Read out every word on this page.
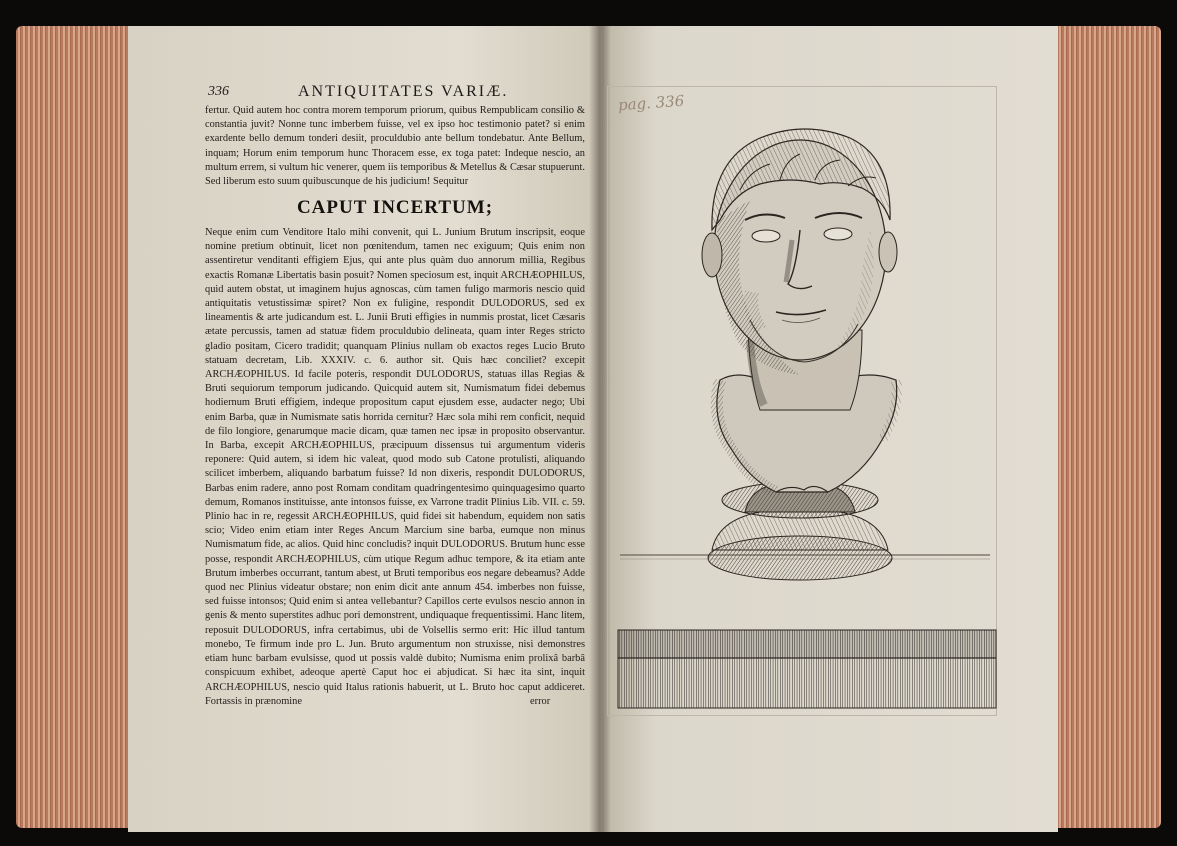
336	ANTIQUITATES VARIÆ.

fertur. Quid autem hoc contra morem temporum priorum, quibus Rempublicam consilio & constantia juvit? Nonne tunc imberbem fuisse, vel ex ipso hoc testimonio patet? si enim exardente bello demum tonderi desiit, proculdubio ante bellum tondebatur. Ante Bellum, inquam; Horum enim temporum hunc Thoracem esse, ex toga patet: Indeque nescio, an multum errem, si vultum hic venerer, quem iis temporibus & Metellus & Cæsar stupuerunt. Sed liberum esto suum quibuscunque de his judicium! Sequitur

CAPUT INCERTUM;

Neque enim cum Venditore Italo mihi convenit, qui L. Junium Brutum inscripsit, eoque nomine pretium obtinuit, licet non pœnitendum, tamen nec exiguum; Quis enim non assentiretur venditanti effigiem Ejus, qui ante plus quàm duo annorum millia, Regibus exactis Romanæ Libertatis basin posuit? Nomen speciosum est, inquit ARCHÆOPHILUS, quid autem obstat, ut imaginem hujus agnoscas, cùm tamen fuligo marmoris nescio quid antiquitatis vetustissimæ spiret? Non ex fuligine, respondit DULODORUS, sed ex lineamentis & arte judicandum est. L. Junii Bruti effigies in nummis prostat, licet Cæsaris ætate percussis, tamen ad statuæ fidem proculdubio delineata, quam inter Reges stricto gladio positam, Cicero tradidit; quanquam Plinius nullam ob exactos reges Lucio Bruto statuam decretam, Lib. XXXIV. c. 6. author sit. Quis hæc conciliet? excepit ARCHÆOPHILUS. Id facile poteris, respondit DULODORUS, statuas illas Regias & Bruti sequiorum temporum judicando. Quicquid autem sit, Numismatum fidei debemus hodiernum Bruti effigiem, indeque propositum caput ejusdem esse, audacter nego; Ubi enim Barba, quæ in Numismate satis horrida cernitur? Hæc sola mihi rem conficit, nequid de filo longiore, genarumque macie dicam, quæ tamen nec ipsæ in proposito observantur. In Barba, excepit ARCHÆOPHILUS, præcipuum dissensus tui argumentum videris reponere: Quid autem, si idem hic valeat, quod modo sub Catone protulisti, aliquando scilicet imberbem, aliquando barbatum fuisse? Id non dixeris, respondit DULODORUS, Barbas enim radere, anno post Romam conditam quadringentesimo quinquagesimo quarto demum, Romanos instituisse, ante intonsos fuisse, ex Varrone tradit Plinius Lib. VII. c. 59. Plinio hac in re, regessit ARCHÆOPHILUS, quid fidei sit habendum, equidem non satis scio; Video enim etiam inter Reges Ancum Marcium sine barba, eumque non minus Numismatum fide, ac alios. Quid hinc concludis? inquit DULODORUS. Brutum hunc esse posse, respondit ARCHÆOPHILUS, cùm utique Regum adhuc tempore, & ita etiam ante Brutum imberbes occurrant, tantum abest, ut Bruti temporibus eos negare debeamus? Adde quod nec Plinius videatur obstare; non enim dicit ante annum 454. imberbes non fuisse, sed fuisse intonsos; Quid enim si antea vellebantur? Capillos certe evulsos nescio annon in genis & mento superstites adhuc pori demonstrent, undiquaque frequentissimi. Hanc litem, reposuit DULODORUS, infra certabimus, ubi de Volsellis sermo erit: Hic illud tantum monebo, Te firmum inde pro L. Jun. Bruto argumentum non struxisse, nisi demonstres etiam hunc barbam evulsisse, quod ut possis valdè dubito; Numisma enim prolixâ barbâ conspicuum exhibet, adeoque apertè Caput hoc ei abjudicat. Si hæc ita sint, inquit ARCHÆOPHILUS, nescio quid Italus rationis habuerit, ut L. Bruto hoc caput addiceret. Fortassis in prænomine	error
pag. 336
